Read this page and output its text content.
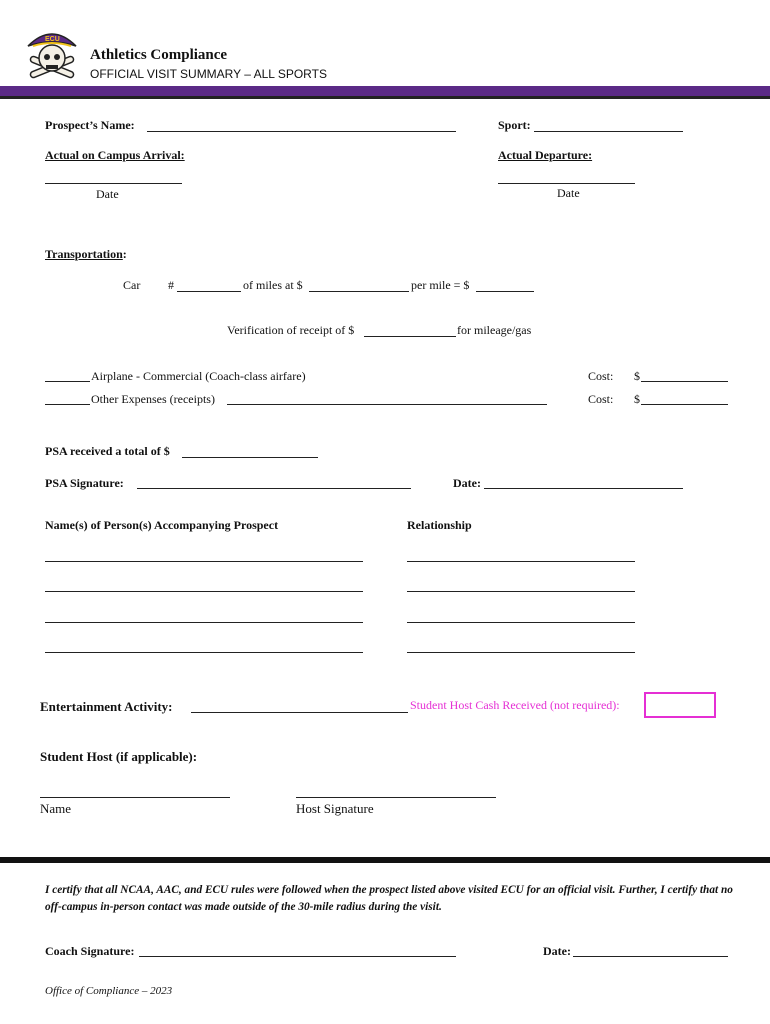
ECU
Athletics Compliance
OFFICIAL VISIT SUMMARY – ALL SPORTS
Prospect’s Name:	Sport:
Actual on Campus Arrival:	Actual Departure:
Date	Date
Transportation:
Car #	of miles at $	per mile = $
Verification of receipt of $	for mileage/gas
Airplane - Commercial (Coach-class airfare)	Cost: $
Other Expenses (receipts)	Cost: $
PSA received a total of $
PSA Signature:	Date:
Name(s) of Person(s) Accompanying Prospect	Relationship
Entertainment Activity:	Student Host Cash Received (not required):
Student Host (if applicable):
Name	Host Signature
I certify that all NCAA, AAC, and ECU rules were followed when the prospect listed above visited ECU for an official visit. Further, I certify that no
off-campus in-person contact was made outside of the 30-mile radius during the visit.
Coach Signature:	Date:
Office of Compliance – 2023
